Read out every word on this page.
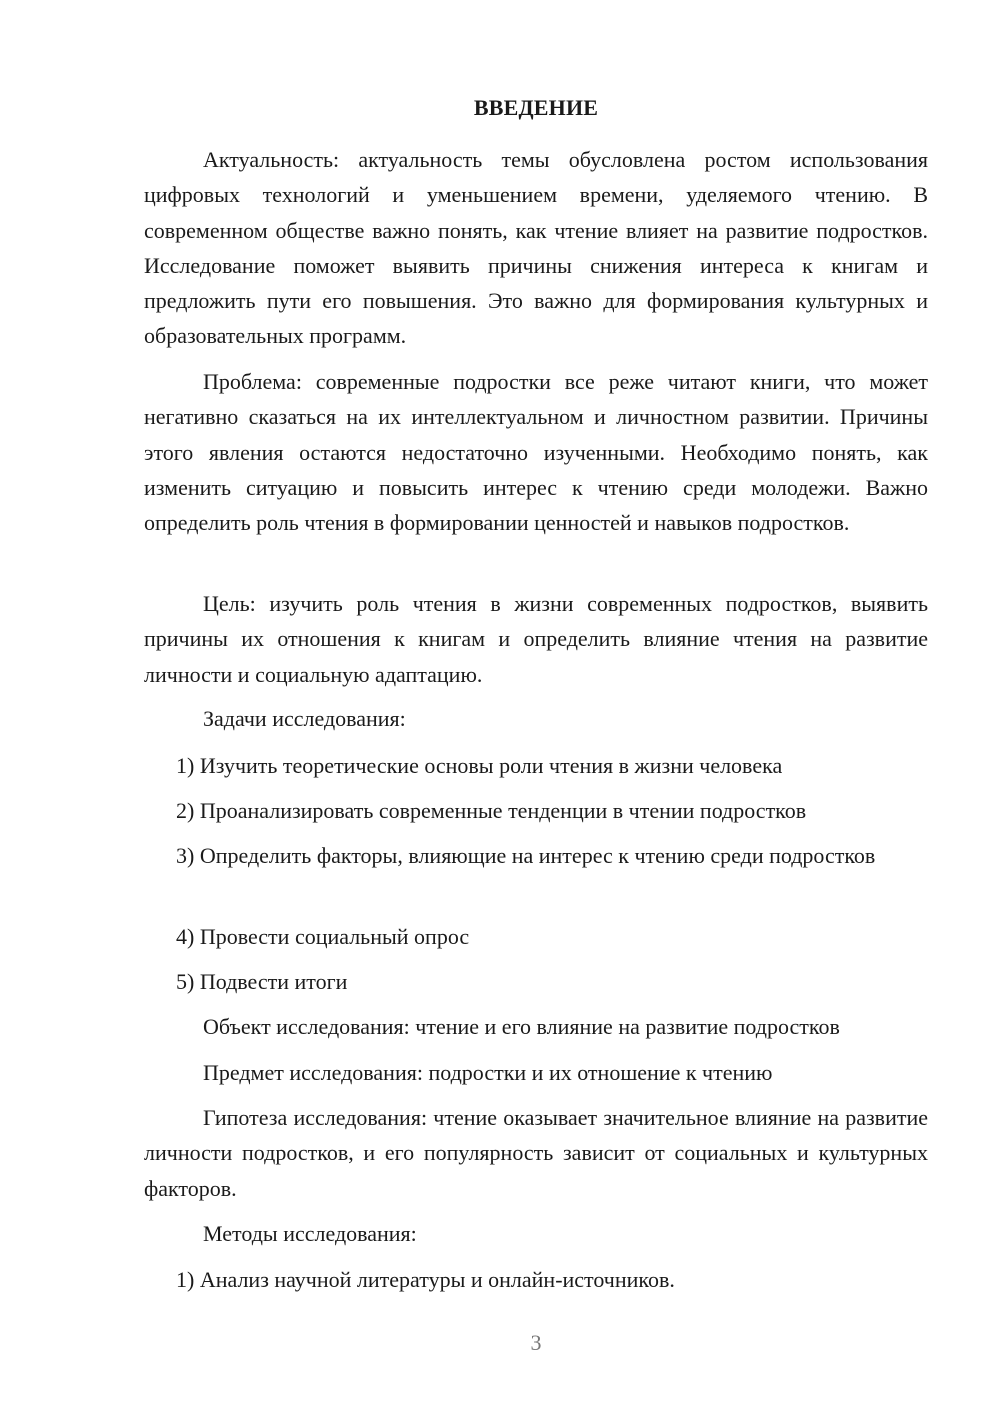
ВВЕДЕНИЕ

Актуальность: актуальность темы обусловлена ростом использования цифровых технологий и уменьшением времени, уделяемого чтению. В современном обществе важно понять, как чтение влияет на развитие подростков. Исследование поможет выявить причины снижения интереса к книгам и предложить пути его повышения. Это важно для формирования культурных и образовательных программ.

Проблема: современные подростки все реже читают книги, что может негативно сказаться на их интеллектуальном и личностном развитии. Причины этого явления остаются недостаточно изученными. Необходимо понять, как изменить ситуацию и повысить интерес к чтению среди молодежи. Важно определить роль чтения в формировании ценностей и навыков подростков.

Цель: изучить роль чтения в жизни современных подростков, выявить причины их отношения к книгам и определить влияние чтения на развитие личности и социальную адаптацию.

Задачи исследования:

1) Изучить теоретические основы роли чтения в жизни человека

2) Проанализировать современные тенденции в чтении подростков

3) Определить факторы, влияющие на интерес к чтению среди подростков

4) Провести социальный опрос

5) Подвести итоги

Объект исследования: чтение и его влияние на развитие подростков

Предмет исследования: подростки и их отношение к чтению

Гипотеза исследования: чтение оказывает значительное влияние на развитие личности подростков, и его популярность зависит от социальных и культурных факторов.

Методы исследования:

1) Анализ научной литературы и онлайн-источников.

3
